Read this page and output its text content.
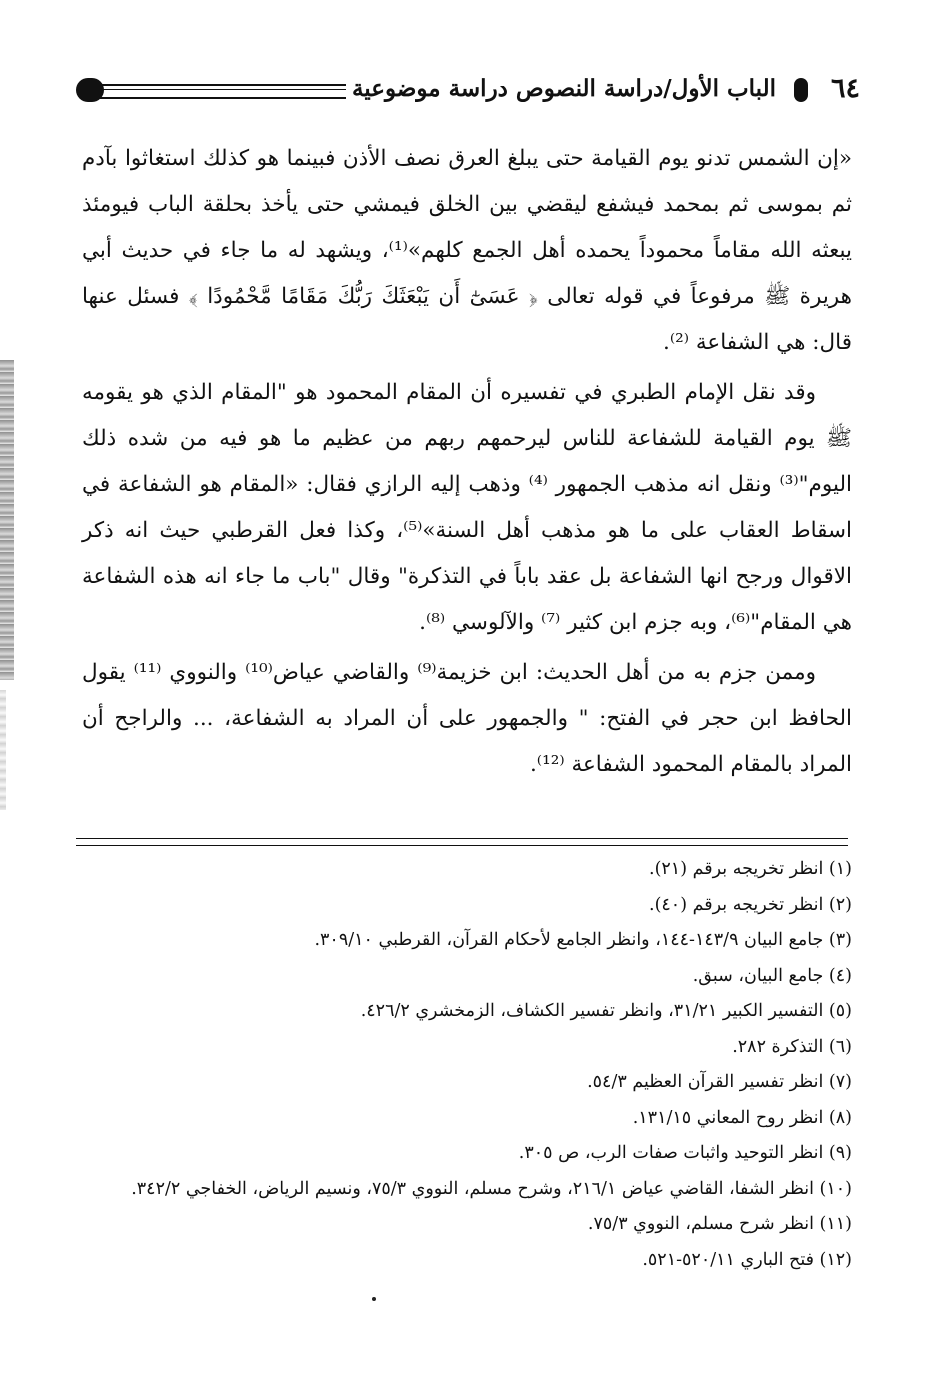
٦٤
الباب الأول/دراسة النصوص دراسة موضوعية

«إن الشمس تدنو يوم القيامة حتى يبلغ العرق نصف الأذن فبينما هو كذلك استغاثوا بآدم ثم بموسى ثم بمحمد فيشفع ليقضي بين الخلق فيمشي حتى يأخذ بحلقة الباب فيومئذ يبعثه الله مقاماً محموداً يحمده أهل الجمع كلهم»⁽¹⁾، ويشهد له ما جاء في حديث أبي هريرة ﷺ مرفوعاً في قوله تعالى ﴿ عَسَىٰٓ أَن يَبْعَثَكَ رَبُّكَ مَقَامًا مَّحْمُودًا ﴾ فسئل عنها قال: هي الشفاعة ⁽²⁾.

وقد نقل الإمام الطبري في تفسيره أن المقام المحمود هو "المقام الذي هو يقومه ﷺ يوم القيامة للشفاعة للناس ليرحمهم ربهم من عظيم ما هو فيه من شده ذلك اليوم"⁽³⁾ ونقل انه مذهب الجمهور ⁽⁴⁾ وذهب إليه الرازي فقال: «المقام هو الشفاعة في اسقاط العقاب على ما هو مذهب أهل السنة»⁽⁵⁾، وكذا فعل القرطبي حيث انه ذكر الاقوال ورجح انها الشفاعة بل عقد باباً في التذكرة" وقال "باب ما جاء انه هذه الشفاعة هي المقام"⁽⁶⁾، وبه جزم ابن كثير ⁽⁷⁾ والآلوسي ⁽⁸⁾.

وممن جزم به من أهل الحديث: ابن خزيمة⁽⁹⁾ والقاضي عياض⁽¹⁰⁾ والنووي ⁽¹¹⁾ يقول الحافظ ابن حجر في الفتح: " والجمهور على أن المراد به الشفاعة، ... والراجح أن المراد بالمقام المحمود الشفاعة ⁽¹²⁾.

(١) انظر تخريجه برقم (٢١).
(٢) انظر تخريجه برقم (٤٠).
(٣) جامع البيان ١٤٣/٩-١٤٤، وانظر الجامع لأحكام القرآن، القرطبي ٣٠٩/١٠.
(٤) جامع البيان، سبق.
(٥) التفسير الكبير ٣١/٢١، وانظر تفسير الكشاف، الزمخشري ٤٢٦/٢.
(٦) التذكرة ٢٨٢.
(٧) انظر تفسير القرآن العظيم ٥٤/٣.
(٨) انظر روح المعاني ١٣١/١٥.
(٩) انظر التوحيد واثبات صفات الرب، ص ٣٠٥.
(١٠) انظر الشفا، القاضي عياض ٢١٦/١، وشرح مسلم، النووي ٧٥/٣، ونسيم الرياض، الخفاجي ٣٤٢/٢.
(١١) انظر شرح مسلم، النووي ٧٥/٣.
(١٢) فتح الباري ٥٢٠/١١-٥٢١.
